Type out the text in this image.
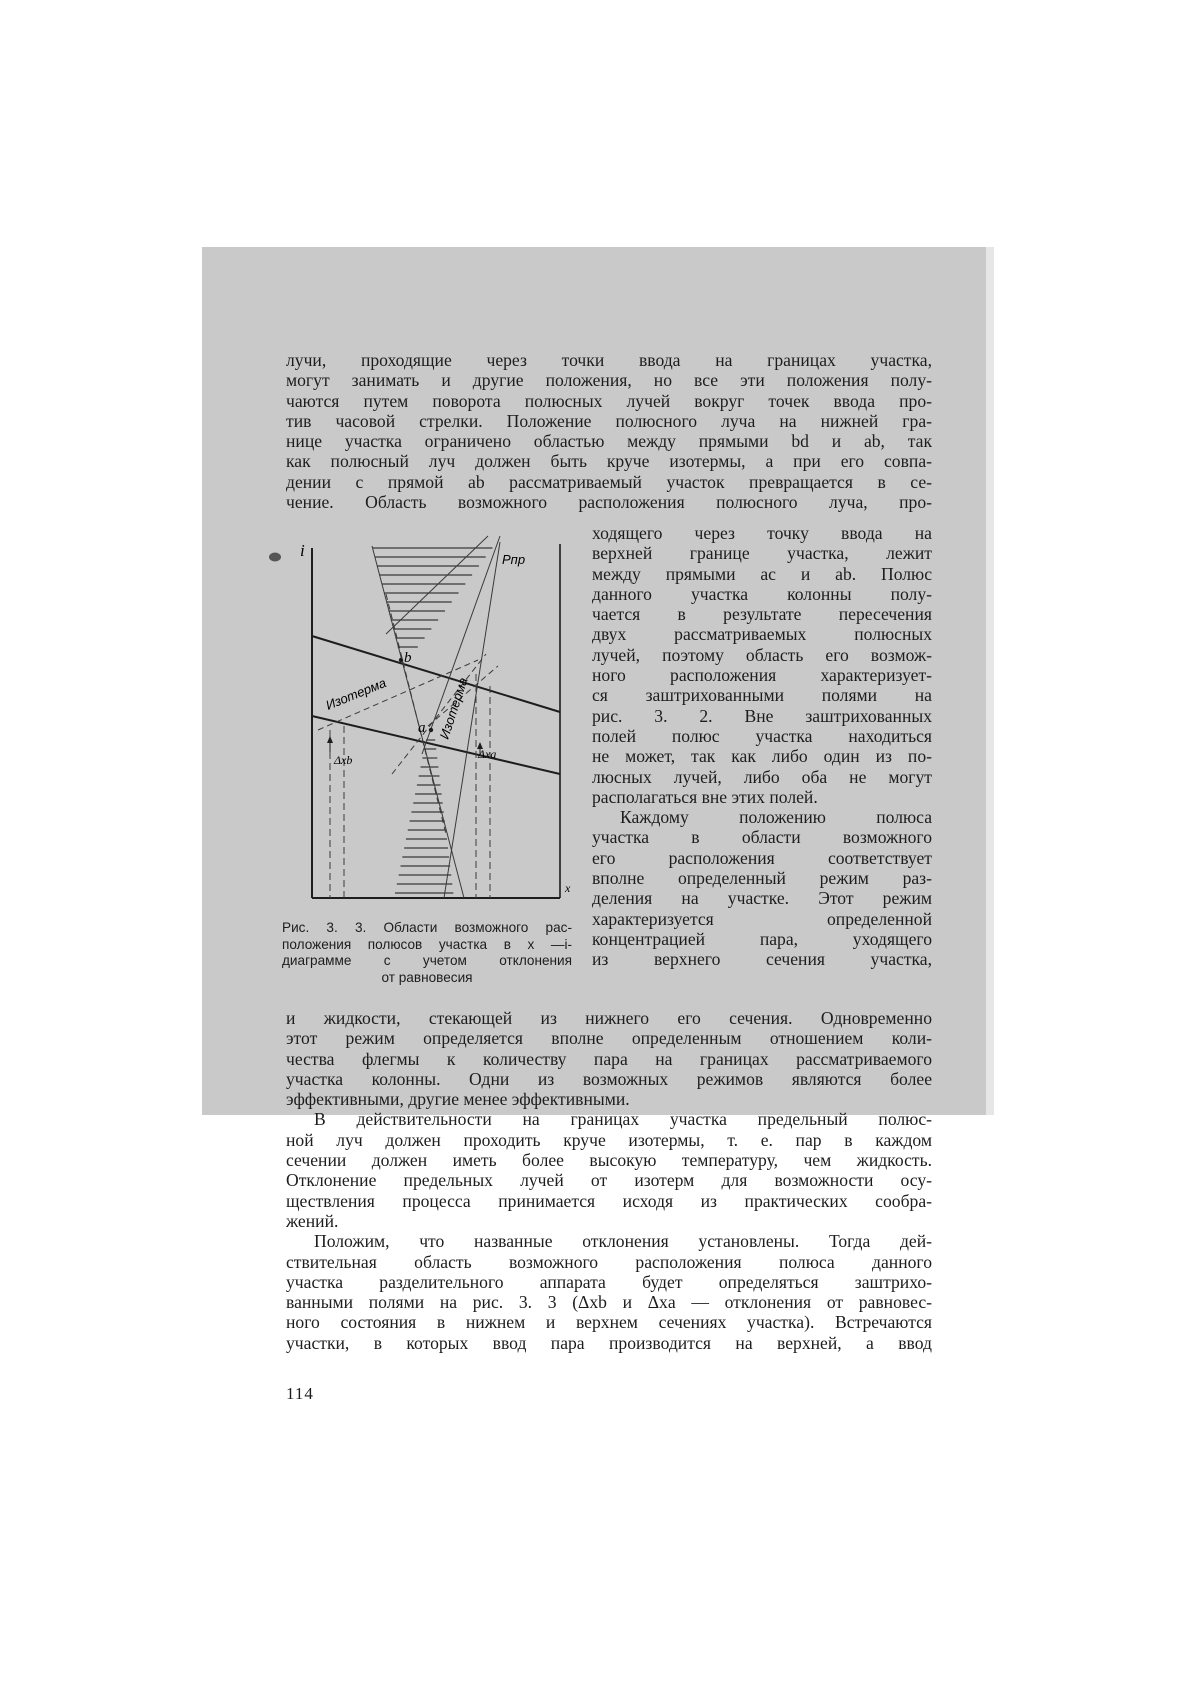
лучи, проходящие через точки ввода на границах участка,
могут занимать и другие положения, но все эти положения полу-
чаются путем поворота полюсных лучей вокруг точек ввода про-
тив часовой стрелки. Положение полюсного луча на нижней гра-
нице участка ограничено областью между прямыми bd и ab, так
как полюсный луч должен быть круче изотермы, а при его совпа-
дении с прямой ab рассматриваемый участок превращается в се-
чение. Область возможного расположения полюсного луча, про-
ходящего через точку ввода на
верхней границе участка, лежит
между прямыми ac и ab. Полюс
данного участка колонны полу-
чается в результате пересечения
двух рассматриваемых полюсных
лучей, поэтому область его возмож-
ного расположения характеризует-
ся заштрихованными полями на
рис. 3. 2. Вне заштрихованных
полей полюс участка находиться
не может, так как либо один из по-
люсных лучей, либо оба не могут
располагаться вне этих полей.
Каждому положению полюса
участка в области возможного
его расположения соответствует
вполне определенный режим раз-
деления на участке. Этот режим
характеризуется определенной
концентрацией пара, уходящего
из верхнего сечения участка,
i
x
Pпр
b
a
Изотерма	Изотерма
Δxb	Δxa
Рис. 3. 3. Области возможного рас-
положения полюсов участка в x —i-
диаграмме с учетом отклонения
от равновесия
и жидкости, стекающей из нижнего его сечения. Одновременно
этот режим определяется вполне определенным отношением коли-
чества флегмы к количеству пара на границах рассматриваемого
участка колонны. Одни из возможных режимов являются более
эффективными, другие менее эффективными.
В действительности на границах участка предельный полюс-
ной луч должен проходить круче изотермы, т. е. пар в каждом
сечении должен иметь более высокую температуру, чем жидкость.
Отклонение предельных лучей от изотерм для возможности осу-
ществления процесса принимается исходя из практических сообра-
жений.
Положим, что названные отклонения установлены. Тогда дей-
ствительная область возможного расположения полюса данного
участка разделительного аппарата будет определяться заштрихо-
ванными полями на рис. 3. 3 (Δxb и Δxa — отклонения от равновес-
ного состояния в нижнем и верхнем сечениях участка). Встречаются
участки, в которых ввод пара производится на верхней, а ввод
114
